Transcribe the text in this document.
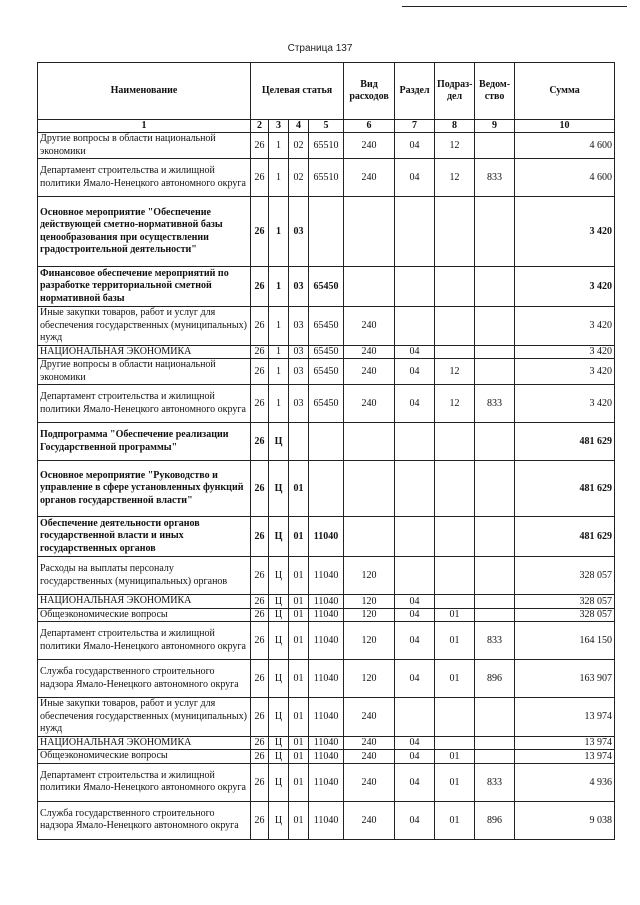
Страница 137
Наименование	Целевая статья				Вид расходов	Раздел	Подраз-дел	Ведом-ство	Сумма
1	2	3	4	5	6	7	8	9	10
Другие вопросы в области национальной экономики	26	1	02	65510	240	04	12		4 600
Департамент строительства и жилищной политики Ямало-Ненецкого автономного округа	26	1	02	65510	240	04	12	833	4 600
Основное мероприятие "Обеспечение действующей сметно-нормативной базы ценообразования при осуществлении градостроительной деятельности"	26	1	03						3 420
Финансовое обеспечение мероприятий по разработке территориальной сметной нормативной базы	26	1	03	65450					3 420
Иные закупки товаров, работ и услуг для обеспечения государственных (муниципальных) нужд	26	1	03	65450	240				3 420
НАЦИОНАЛЬНАЯ ЭКОНОМИКА	26	1	03	65450	240	04			3 420
Другие вопросы в области национальной экономики	26	1	03	65450	240	04	12		3 420
Департамент строительства и жилищной политики Ямало-Ненецкого автономного округа	26	1	03	65450	240	04	12	833	3 420
Подпрограмма "Обеспечение реализации Государственной программы"	26	Ц							481 629
Основное мероприятие "Руководство и управление в сфере установленных функций органов государственной власти"	26	Ц	01						481 629
Обеспечение деятельности органов государственной власти и иных государственных органов	26	Ц	01	11040					481 629
Расходы на выплаты персоналу государственных (муниципальных) органов	26	Ц	01	11040	120				328 057
НАЦИОНАЛЬНАЯ ЭКОНОМИКА	26	Ц	01	11040	120	04			328 057
Общеэкономические вопросы	26	Ц	01	11040	120	04	01		328 057
Департамент строительства и жилищной политики Ямало-Ненецкого автономного округа	26	Ц	01	11040	120	04	01	833	164 150
Служба государственного строительного надзора Ямало-Ненецкого автономного округа	26	Ц	01	11040	120	04	01	896	163 907
Иные закупки товаров, работ и услуг для обеспечения государственных (муниципальных) нужд	26	Ц	01	11040	240				13 974
НАЦИОНАЛЬНАЯ ЭКОНОМИКА	26	Ц	01	11040	240	04			13 974
Общеэкономические вопросы	26	Ц	01	11040	240	04	01		13 974
Департамент строительства и жилищной политики Ямало-Ненецкого автономного округа	26	Ц	01	11040	240	04	01	833	4 936
Служба государственного строительного надзора Ямало-Ненецкого автономного округа	26	Ц	01	11040	240	04	01	896	9 038
